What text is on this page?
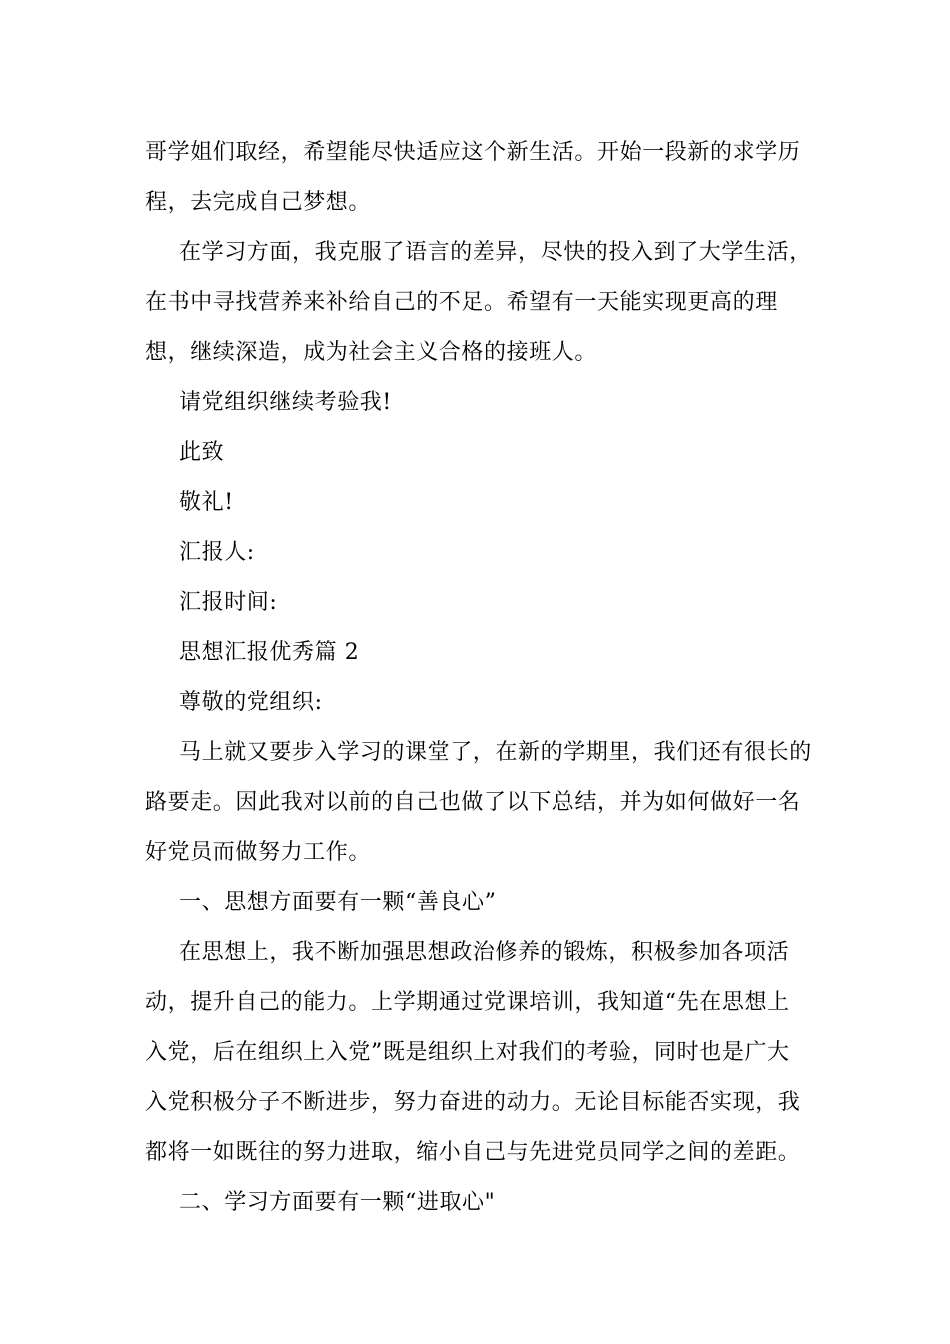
哥学姐们取经，希望能尽快适应这个新生活。开始一段新的求学历

程，去完成自己梦想。

在学习方面，我克服了语言的差异，尽快的投入到了大学生活，

在书中寻找营养来补给自己的不足。希望有一天能实现更高的理

想，继续深造，成为社会主义合格的接班人。

请党组织继续考验我!

此致

敬礼!

汇报人:

汇报时间:

思想汇报优秀篇 2

尊敬的党组织:

马上就又要步入学习的课堂了，在新的学期里，我们还有很长的

路要走。因此我对以前的自己也做了以下总结，并为如何做好一名

好党员而做努力工作。

一、思想方面要有一颗“善良心”

在思想上，我不断加强思想政治修养的锻炼，积极参加各项活

动，提升自己的能力。上学期通过党课培训，我知道“先在思想上

入党，后在组织上入党”既是组织上对我们的考验，同时也是广大

入党积极分子不断进步，努力奋进的动力。无论目标能否实现，我

都将一如既往的努力进取，缩小自己与先进党员同学之间的差距。

二、学习方面要有一颗“进取心"
